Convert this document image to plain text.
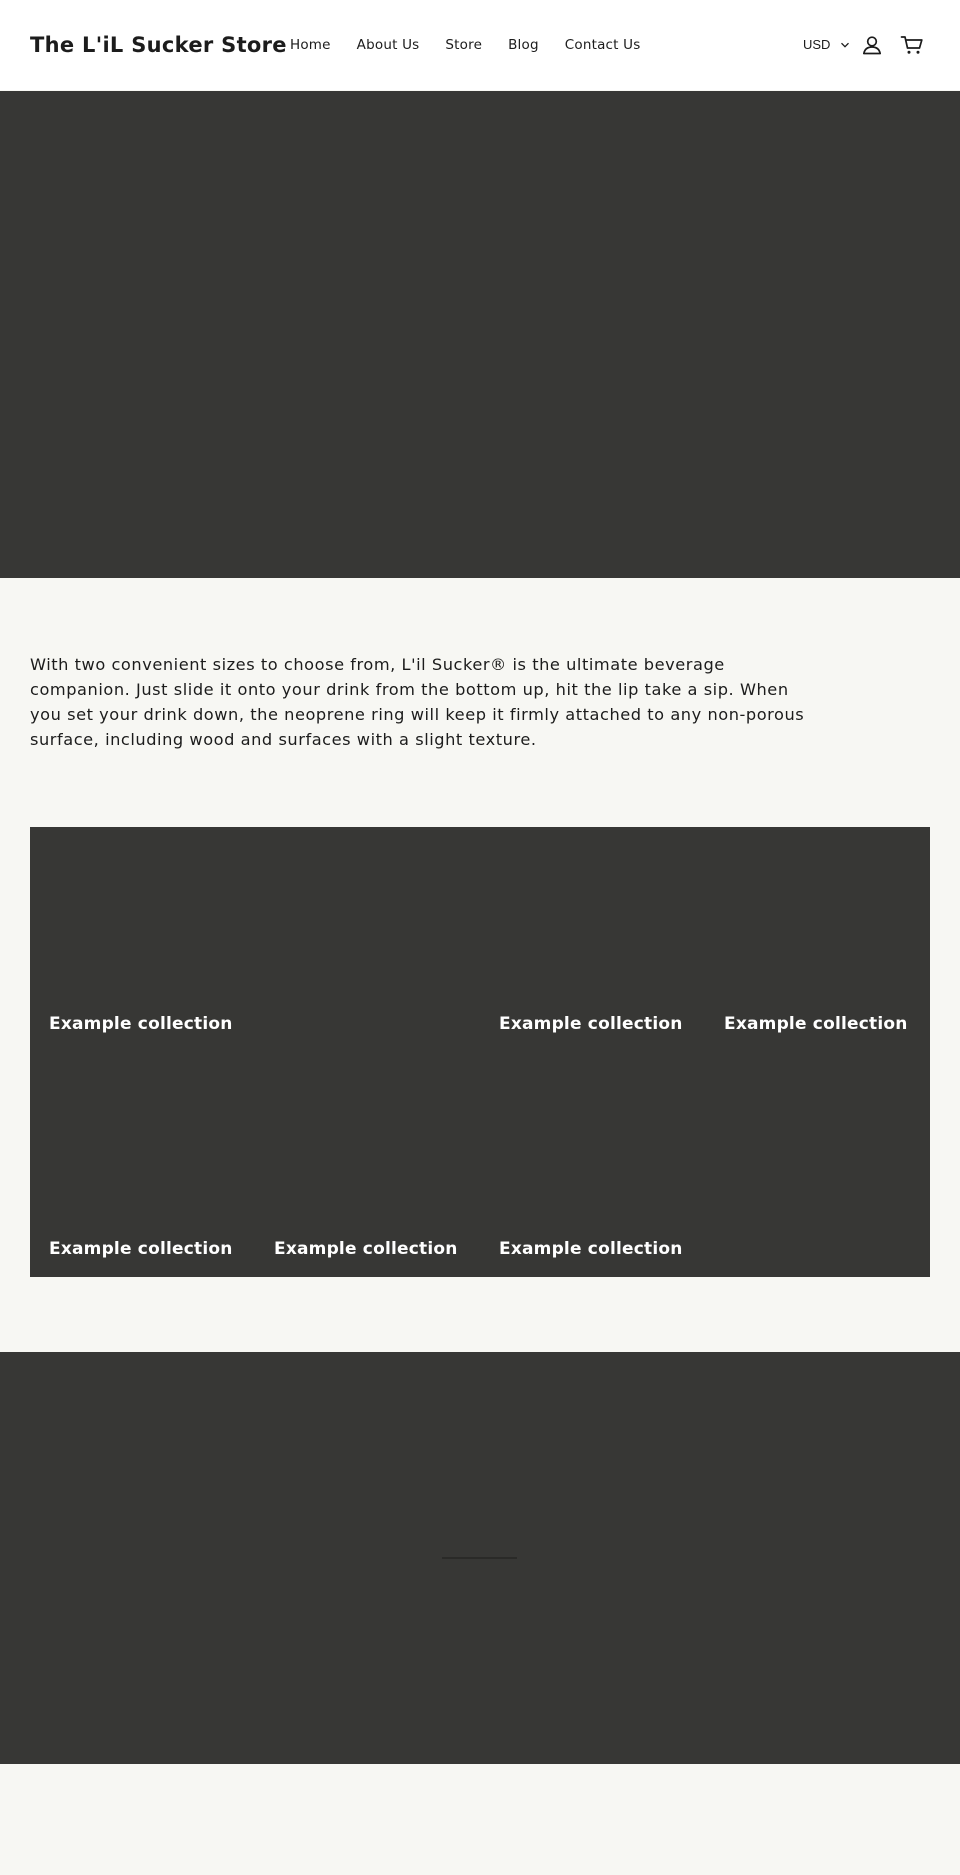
The L'iL Sucker Store Home About Us Store Blog Contact Us	USD

With two convenient sizes to choose from, L'il Sucker® is the ultimate beverage companion. Just slide it onto your drink from the bottom up, hit the lip take a sip. When you set your drink down, the neoprene ring will keep it firmly attached to any non-porous surface, including wood and surfaces with a slight texture.

Example collection	Example collection Example collection
Example collection Example collection Example collection
